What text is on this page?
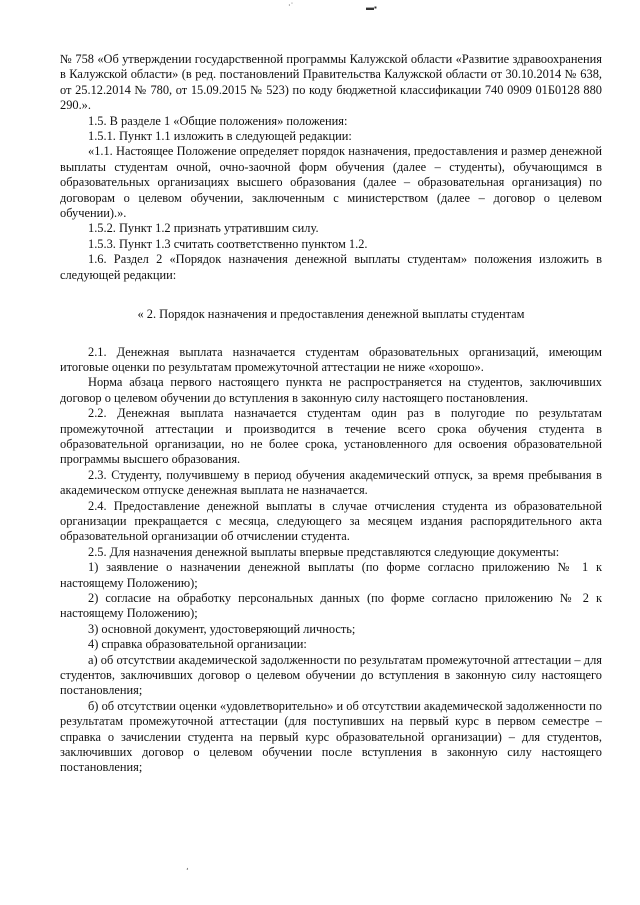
·˙	▬▪
¸

№ 758 «Об утверждении государственной программы Калужской области «Развитие здравоохранения в Калужской области» (в ред. постановлений Правительства Калужской области от 30.10.2014 № 638, от 25.12.2014 № 780, от 15.09.2015 № 523) по коду бюджетной классификации 740 0909 01Б0128 880 290.».

1.5. В разделе 1 «Общие положения» положения:

1.5.1. Пункт 1.1 изложить в следующей редакции:

«1.1. Настоящее Положение определяет порядок назначения, предоставления и размер денежной выплаты студентам очной, очно-заочной форм обучения (далее – студенты), обучающимся в образовательных организациях высшего образования (далее – образовательная организация) по договорам о целевом обучении, заключенным с министерством (далее – договор о целевом обучении).».

1.5.2. Пункт 1.2 признать утратившим силу.

1.5.3. Пункт 1.3 считать соответственно пунктом 1.2.

1.6. Раздел 2 «Порядок назначения денежной выплаты студентам» положения изложить в следующей редакции:

« 2. Порядок назначения и предоставления денежной выплаты студентам

2.1. Денежная выплата назначается студентам образовательных организаций, имеющим итоговые оценки по результатам промежуточной аттестации не ниже «хорошо».

Норма абзаца первого настоящего пункта не распространяется на студентов, заключивших договор о целевом обучении до вступления в законную силу настоящего постановления.

2.2. Денежная выплата назначается студентам один раз в полугодие по результатам промежуточной аттестации и производится в течение всего срока обучения студента в образовательной организации, но не более срока, установленного для освоения образовательной программы высшего образования.

2.3. Студенту, получившему в период обучения академический отпуск, за время пребывания в академическом отпуске денежная выплата не назначается.

2.4. Предоставление денежной выплаты в случае отчисления студента из образовательной организации прекращается с месяца, следующего за месяцем издания распорядительного акта образовательной организации об отчислении студента.

2.5. Для назначения денежной выплаты впервые представляются следующие документы:

1) заявление о назначении денежной выплаты (по форме согласно приложению № 1 к настоящему Положению);

2) согласие на обработку персональных данных (по форме согласно приложению № 2 к настоящему Положению);

3) основной документ, удостоверяющий личность;

4) справка образовательной организации:

а) об отсутствии академической задолженности по результатам промежуточной аттестации – для студентов, заключивших договор о целевом обучении до вступления в законную силу настоящего постановления;

б) об отсутствии оценки «удовлетворительно» и об отсутствии академической задолженности по результатам промежуточной аттестации (для поступивших на первый курс в первом семестре – справка о зачислении студента на первый курс образовательной организации) – для студентов, заключивших договор о целевом обучении после вступления в законную силу настоящего постановления;
